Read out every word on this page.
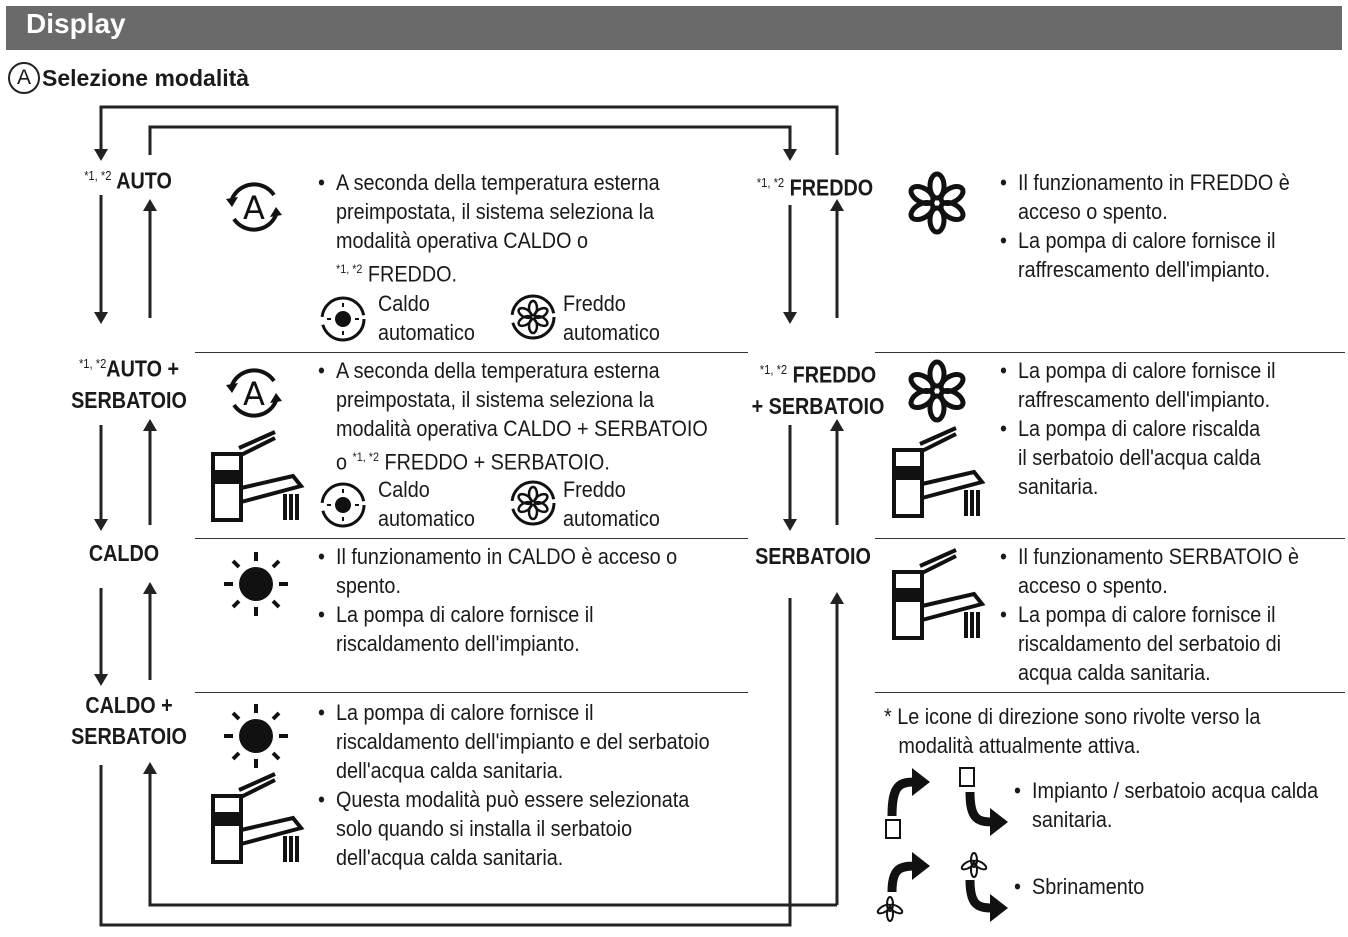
Display
A Selezione modalità
$^{*1, *2}$ AUTO
$^{*1, *2}$AUTO +
SERBATOIO
CALDO
CALDO +
SERBATOIO
$^{*1, *2}$ FREDDO
$^{*1, *2}$ FREDDO
+ SERBATOIO
SERBATOIO
A
A
• A seconda della temperatura esterna
preimpostata, il sistema seleziona la
modalità operativa CALDO o
$^{*1, *2}$ FREDDO.
Caldo
automatico
Freddo
automatico
• A seconda della temperatura esterna
preimpostata, il sistema seleziona la
modalità operativa CALDO + SERBATOIO
o $^{*1, *2}$ FREDDO + SERBATOIO.
Caldo
automatico
Freddo
automatico
• Il funzionamento in CALDO è acceso o
spento.
• La pompa di calore fornisce il
riscaldamento dell'impianto.
• La pompa di calore fornisce il
riscaldamento dell'impianto e del serbatoio
dell'acqua calda sanitaria.
• Questa modalità può essere selezionata
solo quando si installa il serbatoio
dell'acqua calda sanitaria.
• Il funzionamento in FREDDO è
acceso o spento.
• La pompa di calore fornisce il
raffrescamento dell'impianto.
• La pompa di calore fornisce il
raffrescamento dell'impianto.
• La pompa di calore riscalda
il serbatoio dell'acqua calda
sanitaria.
• Il funzionamento SERBATOIO è
acceso o spento.
• La pompa di calore fornisce il
riscaldamento del serbatoio di
acqua calda sanitaria.
* Le icone di direzione sono rivolte verso la
modalità attualmente attiva.
• Impianto / serbatoio acqua calda
sanitaria.
• Sbrinamento
